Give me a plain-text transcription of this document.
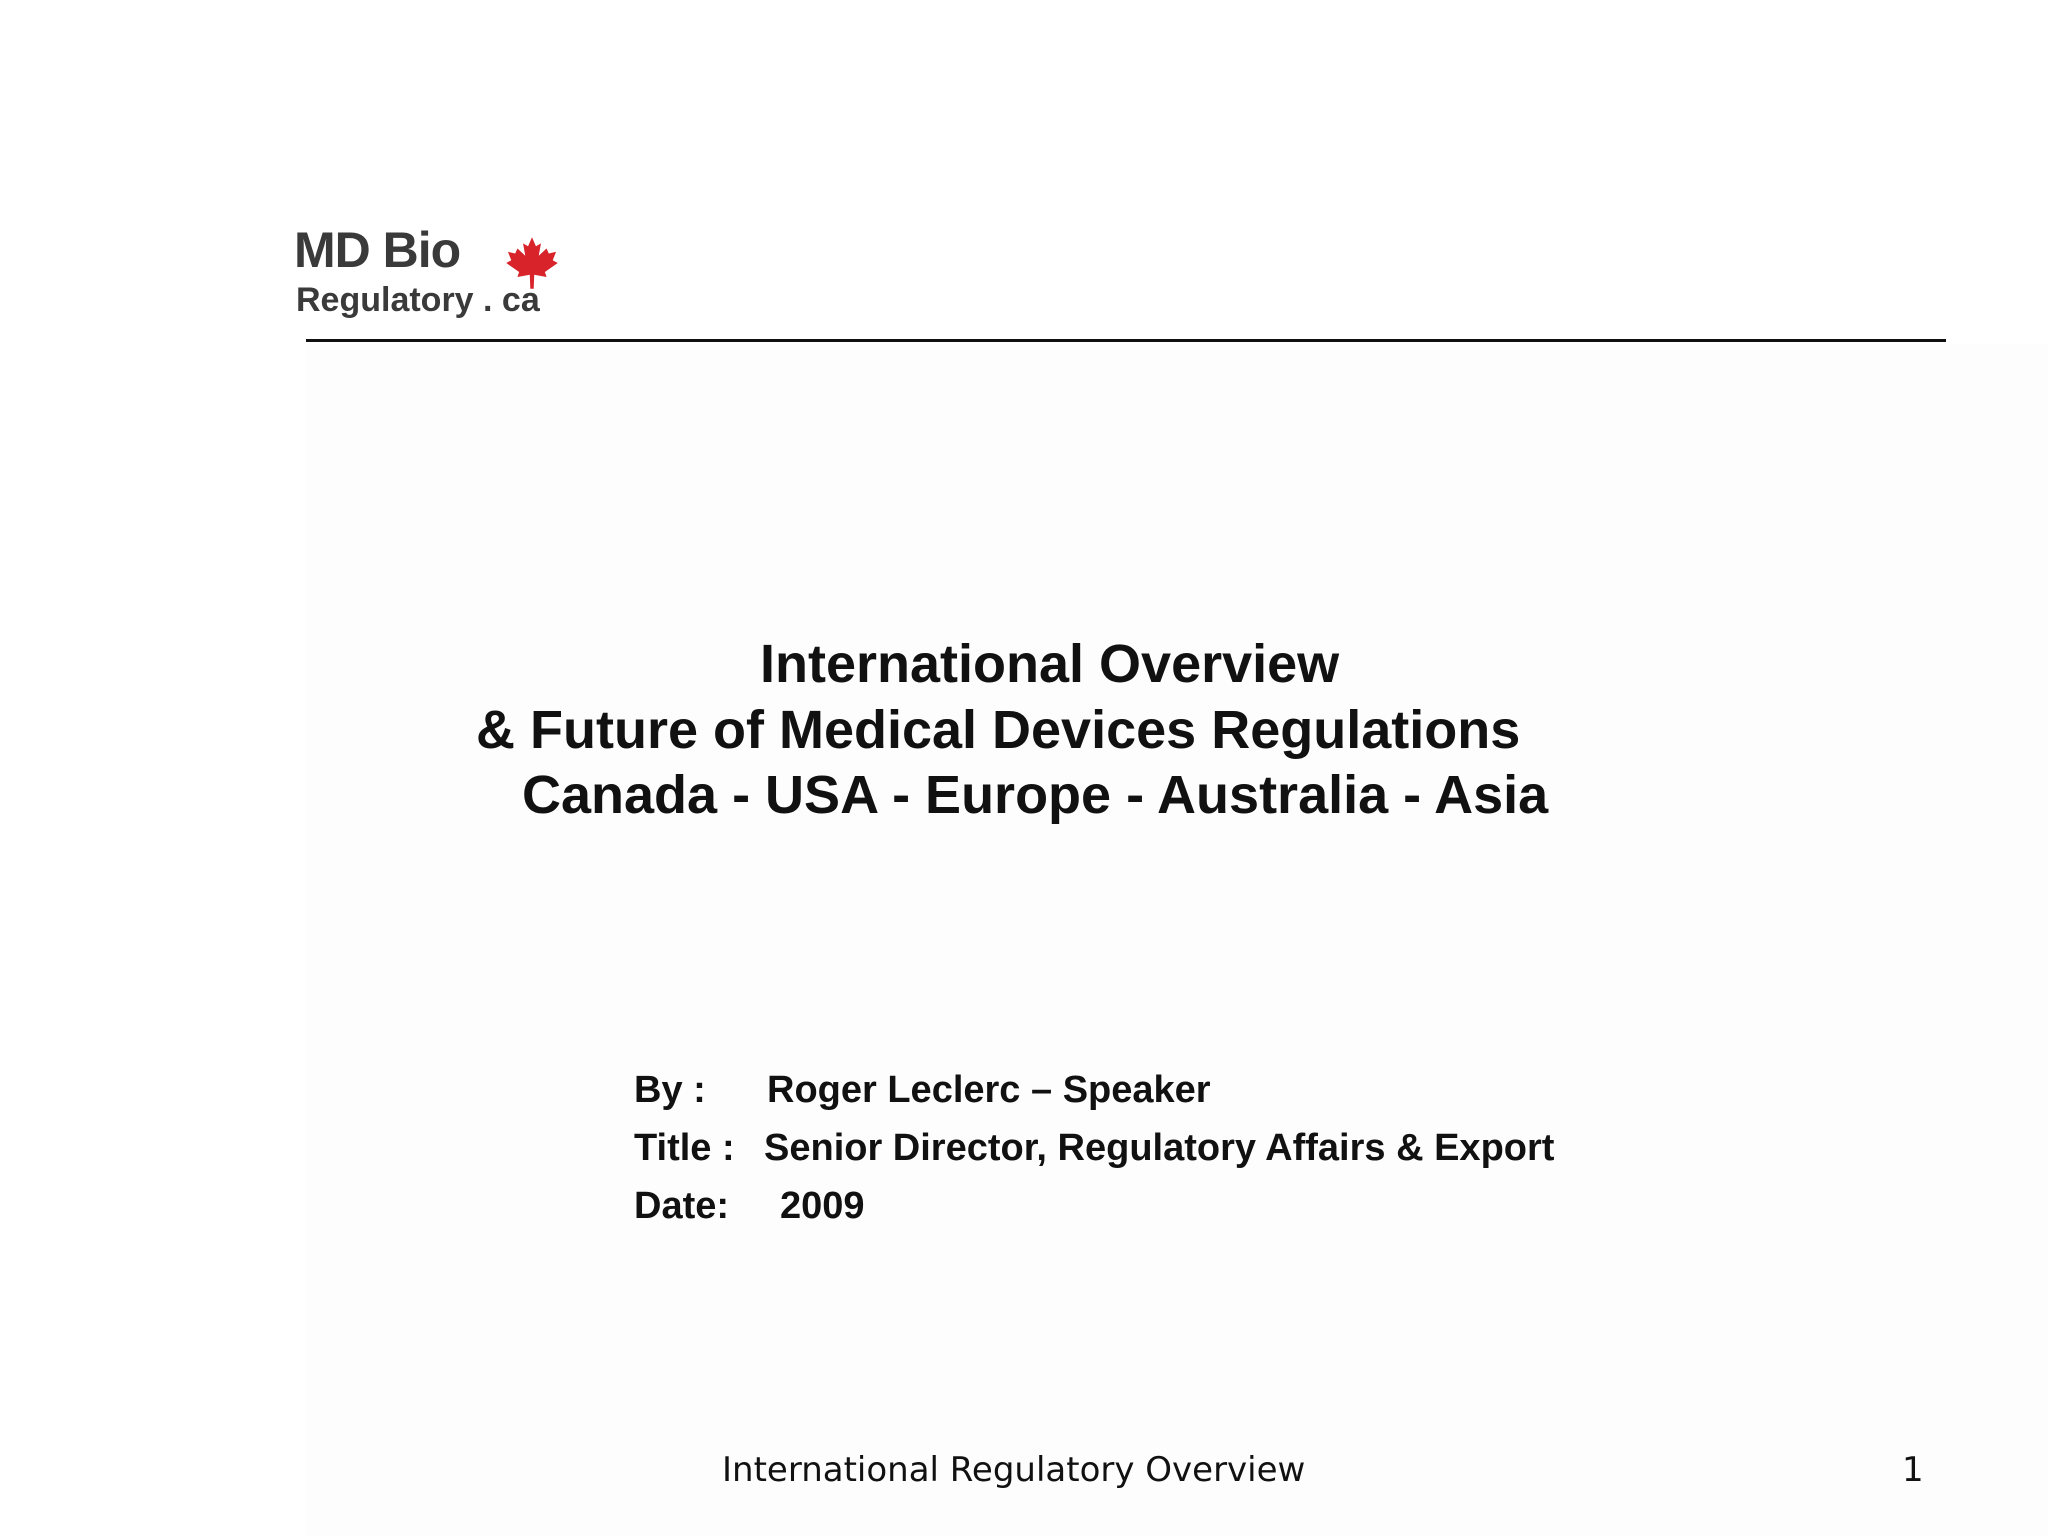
MD Bio
Regulatory . ca
International Overview
& Future of Medical Devices Regulations
Canada - USA - Europe - Australia - Asia
By : Roger Leclerc – Speaker
Title : Senior Director, Regulatory Affairs & Export
Date: 2009
International Regulatory Overview	1
